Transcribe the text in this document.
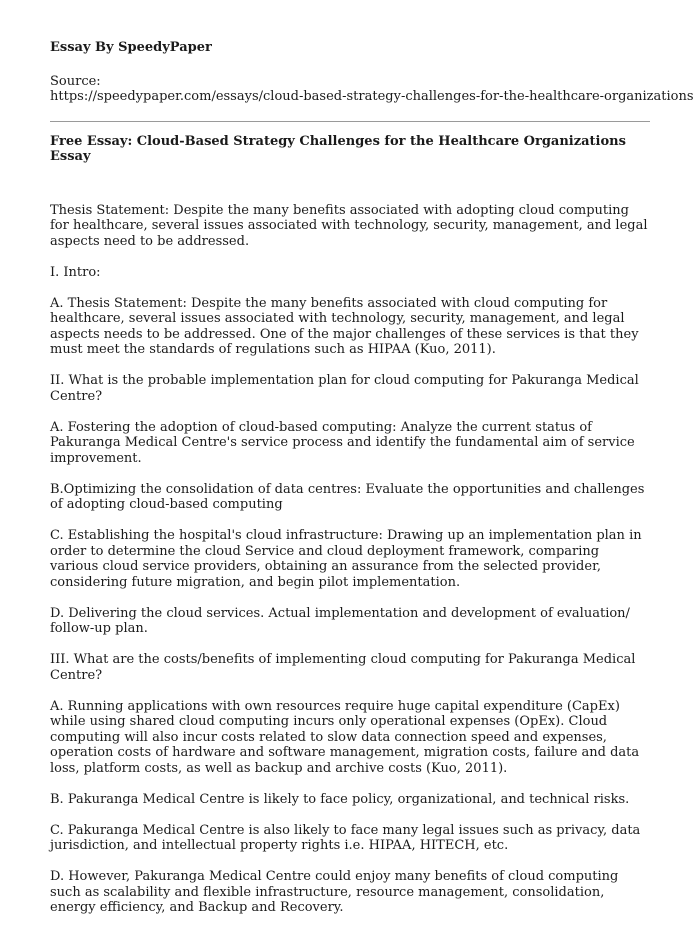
Essay By SpeedyPaper
Source:
https://speedypaper.com/essays/cloud-based-strategy-challenges-for-the-healthcare-organizations
Free Essay: Cloud-Based Strategy Challenges for the Healthcare Organizations Essay

Thesis Statement: Despite the many benefits associated with adopting cloud computing for healthcare, several issues associated with technology, security, management, and legal aspects need to be addressed.

I. Intro:

A. Thesis Statement: Despite the many benefits associated with cloud computing for healthcare, several issues associated with technology, security, management, and legal aspects needs to be addressed. One of the major challenges of these services is that they must meet the standards of regulations such as HIPAA (Kuo, 2011).

II. What is the probable implementation plan for cloud computing for Pakuranga Medical Centre?

A. Fostering the adoption of cloud-based computing: Analyze the current status of Pakuranga Medical Centre's service process and identify the fundamental aim of service improvement.

B.Optimizing the consolidation of data centres: Evaluate the opportunities and challenges of adopting cloud-based computing

C. Establishing the hospital's cloud infrastructure: Drawing up an implementation plan in order to determine the cloud Service and cloud deployment framework, comparing various cloud service providers, obtaining an assurance from the selected provider, considering future migration, and begin pilot implementation.

D. Delivering the cloud services. Actual implementation and development of evaluation/ follow-up plan.

III. What are the costs/benefits of implementing cloud computing for Pakuranga Medical Centre?

A. Running applications with own resources require huge capital expenditure (CapEx) while using shared cloud computing incurs only operational expenses (OpEx). Cloud computing will also incur costs related to slow data connection speed and expenses, operation costs of hardware and software management, migration costs, failure and data loss, platform costs, as well as backup and archive costs (Kuo, 2011).

B. Pakuranga Medical Centre is likely to face policy, organizational, and technical risks.

C. Pakuranga Medical Centre is also likely to face many legal issues such as privacy, data jurisdiction, and intellectual property rights i.e. HIPAA, HITECH, etc.

D. However, Pakuranga Medical Centre could enjoy many benefits of cloud computing such as scalability and flexible infrastructure, resource management, consolidation, energy efficiency, and Backup and Recovery.
